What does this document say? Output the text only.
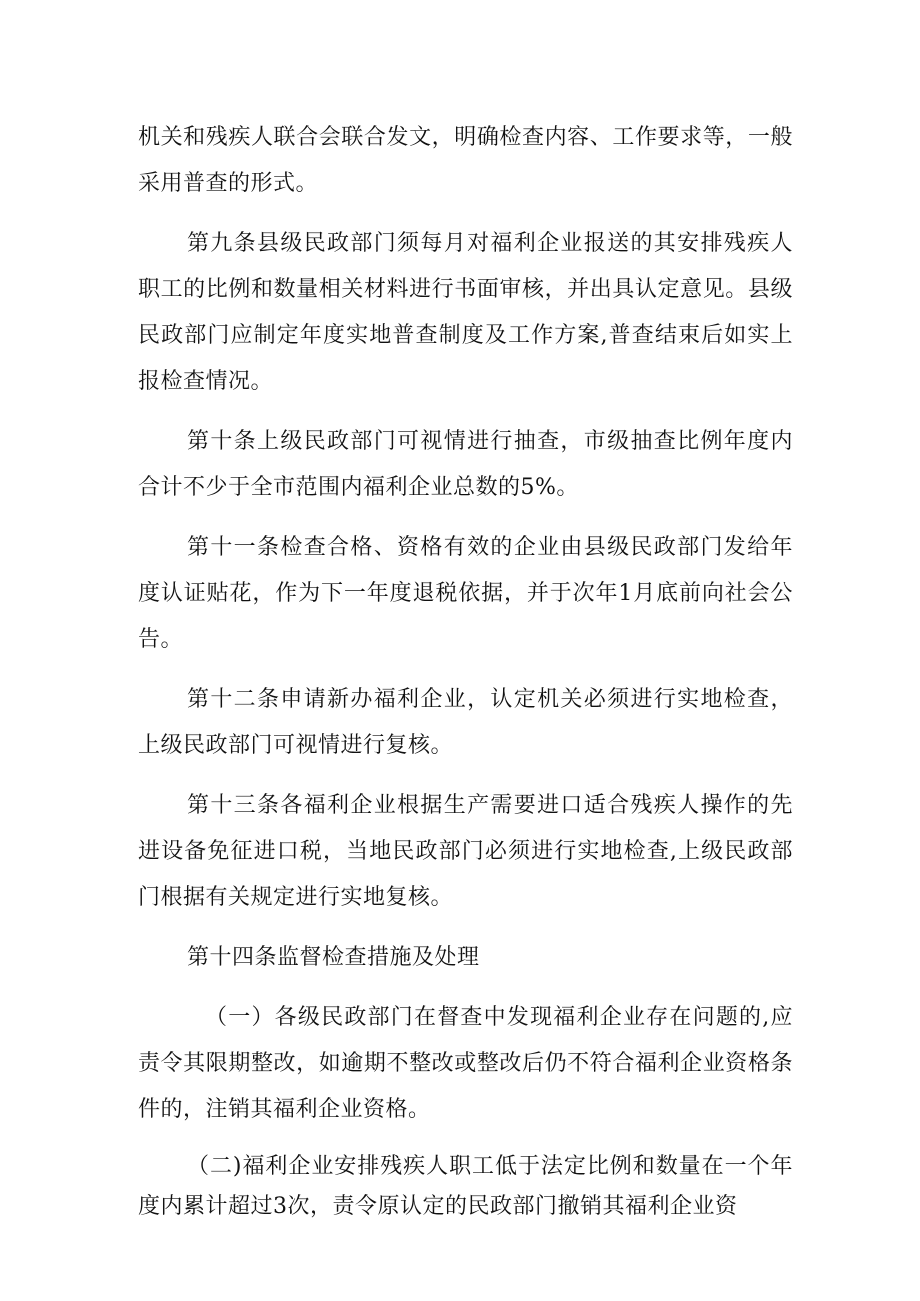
机关和残疾人联合会联合发文，明确检查内容、工作要求等，一般采用普查的形式。

第九条县级民政部门须每月对福利企业报送的其安排残疾人职工的比例和数量相关材料进行书面审核，并出具认定意见。县级民政部门应制定年度实地普查制度及工作方案,普查结束后如实上报检查情况。

第十条上级民政部门可视情进行抽查，市级抽查比例年度内合计不少于全市范围内福利企业总数的5%。

第十一条检查合格、资格有效的企业由县级民政部门发给年度认证贴花，作为下一年度退税依据，并于次年1月底前向社会公告。

第十二条申请新办福利企业，认定机关必须进行实地检查，上级民政部门可视情进行复核。

第十三条各福利企业根据生产需要进口适合残疾人操作的先进设备免征进口税，当地民政部门必须进行实地检查,上级民政部门根据有关规定进行实地复核。

第十四条监督检查措施及处理

（一）各级民政部门在督查中发现福利企业存在问题的,应责令其限期整改，如逾期不整改或整改后仍不符合福利企业资格条件的，注销其福利企业资格。

（二)福利企业安排残疾人职工低于法定比例和数量在一个年度内累计超过3次，责令原认定的民政部门撤销其福利企业资
